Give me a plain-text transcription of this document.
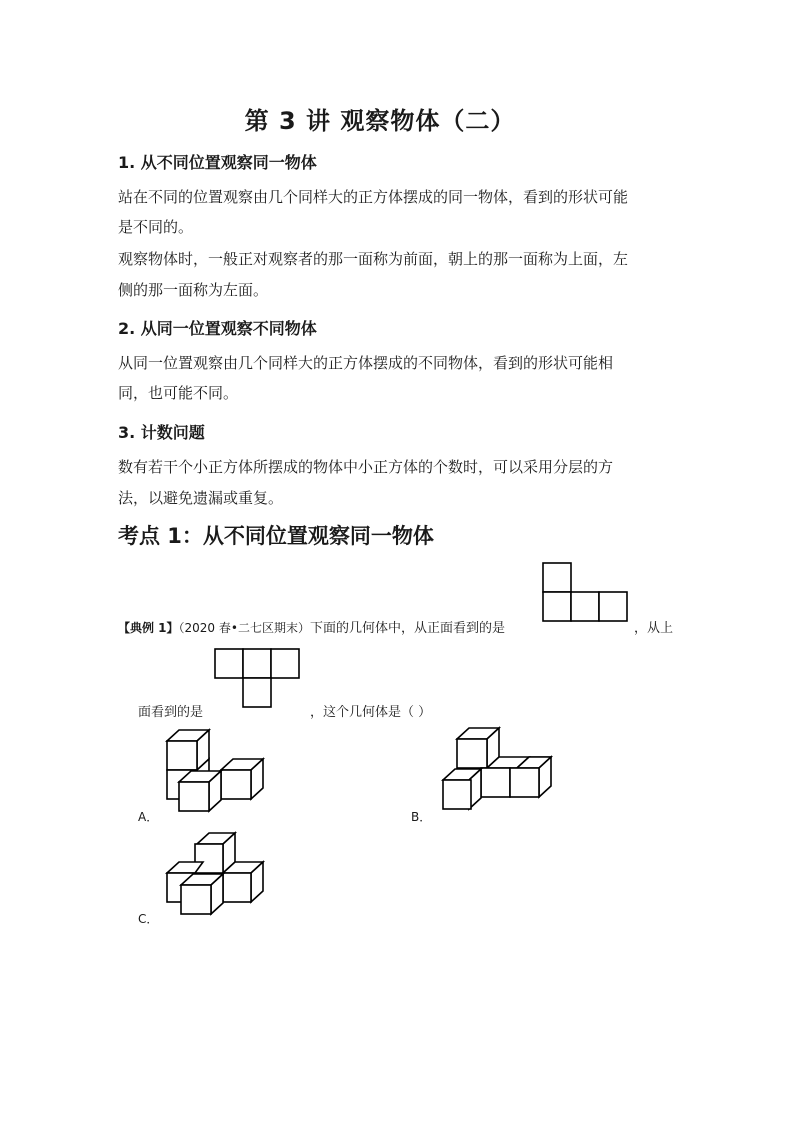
第 3 讲 观察物体（二）
1. 从不同位置观察同一物体
站在不同的位置观察由几个同样大的正方体摆成的同一物体，看到的形状可能
是不同的。
观察物体时，一般正对观察者的那一面称为前面，朝上的那一面称为上面，左
侧的那一面称为左面。
2. 从同一位置观察不同物体
从同一位置观察由几个同样大的正方体摆成的不同物体，看到的形状可能相
同，也可能不同。
3. 计数问题
数有若干个小正方体所摆成的物体中小正方体的个数时，可以采用分层的方
法，以避免遗漏或重复。
考点 1：从不同位置观察同一物体
【典例 1】（2020 春•二七区期末）下面的几何体中，从正面看到的是	，从上
面看到的是	，这个几何体是（ ）
A．	B．
C．
